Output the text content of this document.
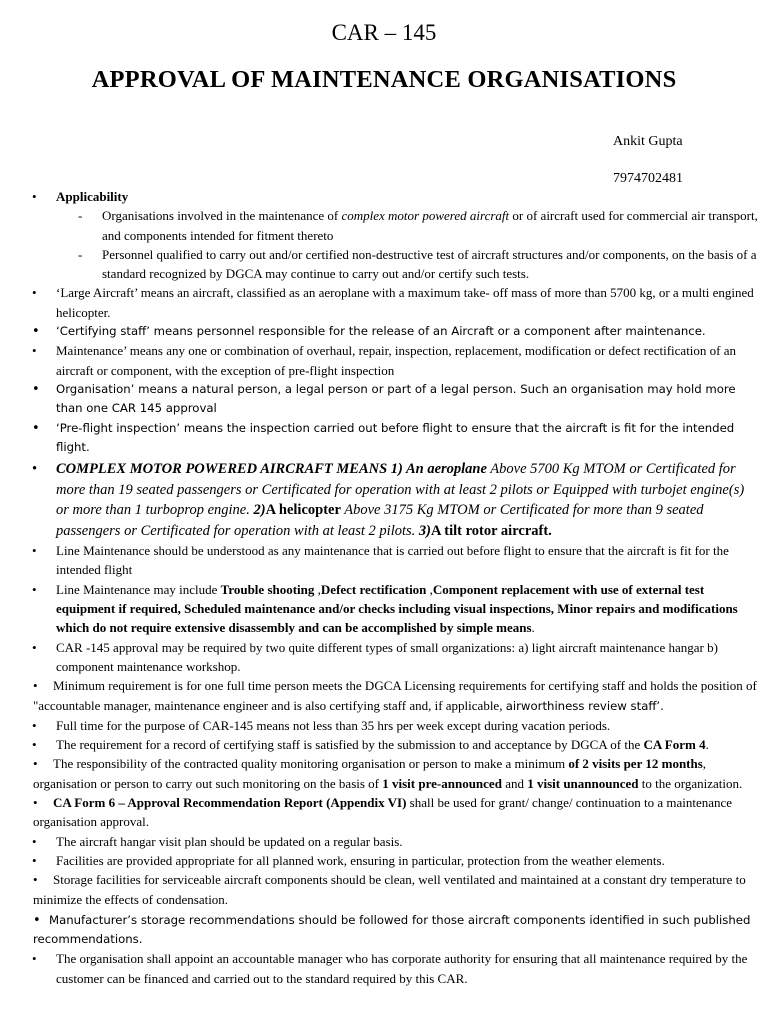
CAR – 145
APPROVAL OF MAINTENANCE ORGANISATIONS
Ankit Gupta
7974702481
• Applicability
- Organisations involved in the maintenance of complex motor powered aircraft or of aircraft used for commercial air transport, and components intended for fitment thereto
- Personnel qualified to carry out and/or certified non-destructive test of aircraft structures and/or components, on the basis of a standard recognized by DGCA may continue to carry out and/or certify such tests.
• ‘Large Aircraft’ means an aircraft, classified as an aeroplane with a maximum take- off mass of more than 5700 kg, or a multi engined helicopter.
• ‘Certifying staff’ means personnel responsible for the release of an Aircraft or a component after maintenance.
• Maintenance’ means any one or combination of overhaul, repair, inspection, replacement, modification or defect rectification of an aircraft or component, with the exception of pre-flight inspection
• Organisation’ means a natural person, a legal person or part of a legal person. Such an organisation may hold more than one CAR 145 approval
• ‘Pre-flight inspection’ means the inspection carried out before flight to ensure that the aircraft is fit for the intended flight.
• COMPLEX MOTOR POWERED AIRCRAFT MEANS 1) An aeroplane Above 5700 Kg MTOM or Certificated for more than 19 seated passengers or Certificated for operation with at least 2 pilots or Equipped with turbojet engine(s) or more than 1 turboprop engine. 2)A helicopter Above 3175 Kg MTOM or Certificated for more than 9 seated passengers or Certificated for operation with at least 2 pilots. 3)A tilt rotor aircraft.
• Line Maintenance should be understood as any maintenance that is carried out before flight to ensure that the aircraft is fit for the intended flight
• Line Maintenance may include Trouble shooting ,Defect rectification ,Component replacement with use of external test equipment if required, Scheduled maintenance and/or checks including visual inspections, Minor repairs and modifications which do not require extensive disassembly and can be accomplished by simple means.
• CAR -145 approval may be required by two quite different types of small organizations: a) light aircraft maintenance hangar b) component maintenance workshop.
• Minimum requirement is for one full time person meets the DGCA Licensing requirements for certifying staff and holds the position of "accountable manager, maintenance engineer and is also certifying staff and, if applicable, airworthiness review staff’.
• Full time for the purpose of CAR-145 means not less than 35 hrs per week except during vacation periods.
• The requirement for a record of certifying staff is satisfied by the submission to and acceptance by DGCA of the CA Form 4.
• The responsibility of the contracted quality monitoring organisation or person to make a minimum of 2 visits per 12 months, organisation or person to carry out such monitoring on the basis of 1 visit pre-announced and 1 visit unannounced to the organization.
• CA Form 6 – Approval Recommendation Report (Appendix VI) shall be used for grant/ change/ continuation to a maintenance organisation approval.
• The aircraft hangar visit plan should be updated on a regular basis.
• Facilities are provided appropriate for all planned work, ensuring in particular, protection from the weather elements.
• Storage facilities for serviceable aircraft components should be clean, well ventilated and maintained at a constant dry temperature to minimize the effects of condensation.
• Manufacturer’s storage recommendations should be followed for those aircraft components identified in such published recommendations.
• The organisation shall appoint an accountable manager who has corporate authority for ensuring that all maintenance required by the customer can be financed and carried out to the standard required by this CAR.
